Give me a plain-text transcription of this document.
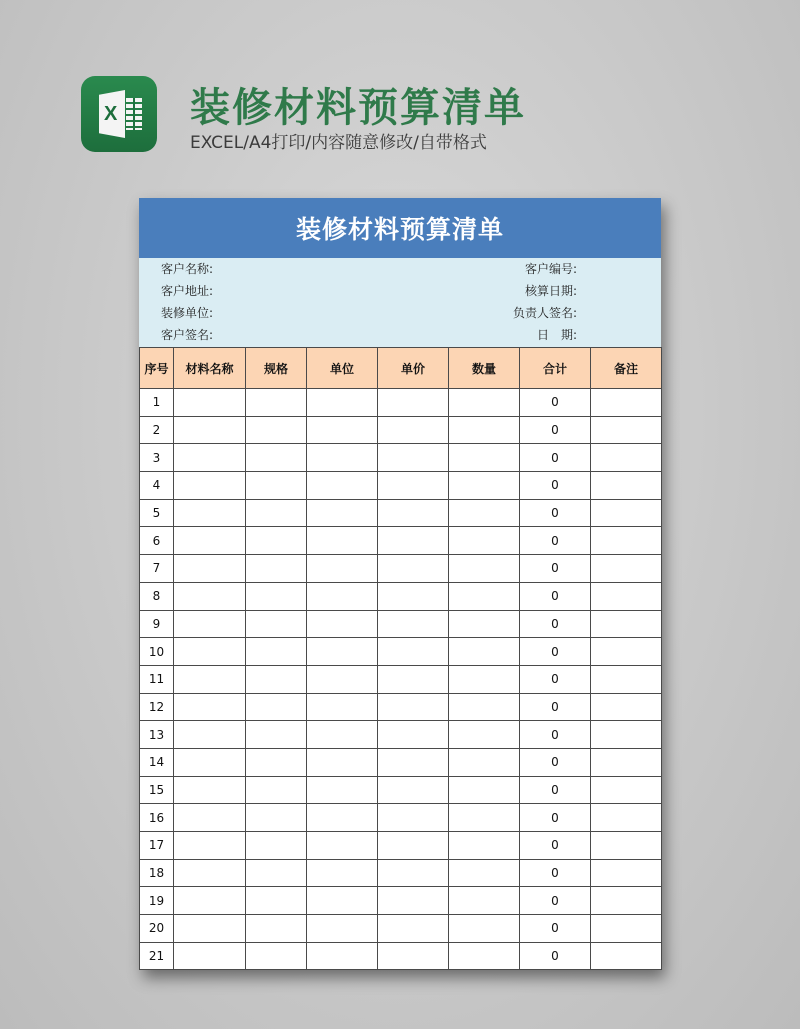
X 装修材料预算清单
EXCEL/A4打印/内容随意修改/自带格式
装修材料预算清单
客户名称:
客户地址:
装修单位:
客户签名:
客户编号:
核算日期:
负责人签名:
日　期:
序号	材料名称	规格	单位	单价	数量	合计	备注
1						0	
2						0	
3						0	
4						0	
5						0	
6						0	
7						0	
8						0	
9						0	
10						0	
11						0	
12						0	
13						0	
14						0	
15						0	
16						0	
17						0	
18						0	
19						0	
20						0	
21						0	
